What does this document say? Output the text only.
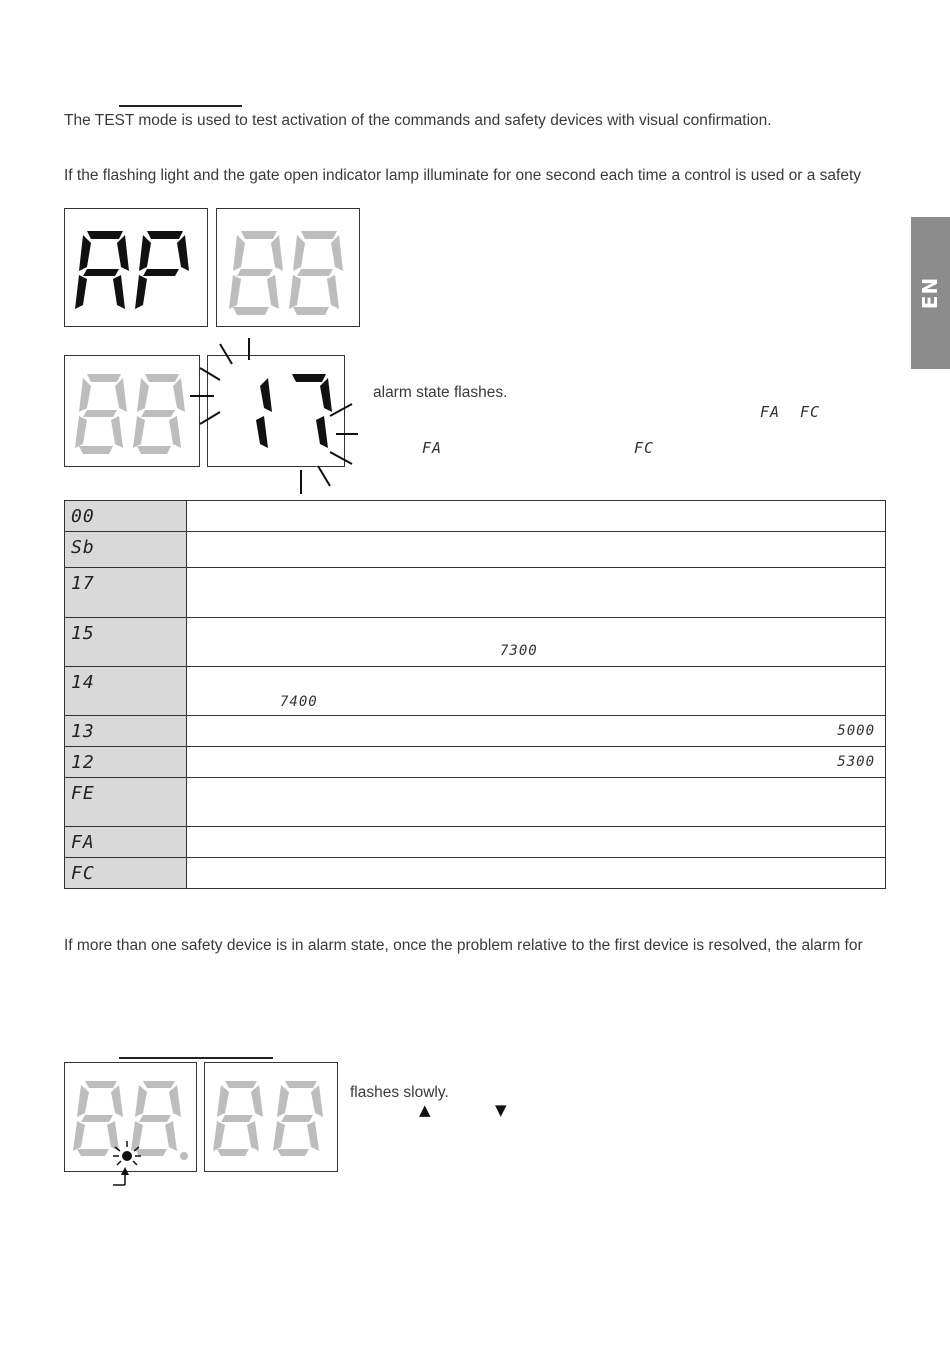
The TEST mode is used to test activation of the commands and safety devices with visual confirmation.
If the flashing light and the gate open indicator lamp illuminate for one second each time a control is used or a safety
EN
alarm state flashes.
FA FC
FA	FC
00	
Sb	
17	
15	7300

14	7400

13	5000

12	5300

FE	
FA	
FC	
If more than one safety device is in alarm state, once the problem relative to the first device is resolved, the alarm for
flashes slowly.
▲	▼
